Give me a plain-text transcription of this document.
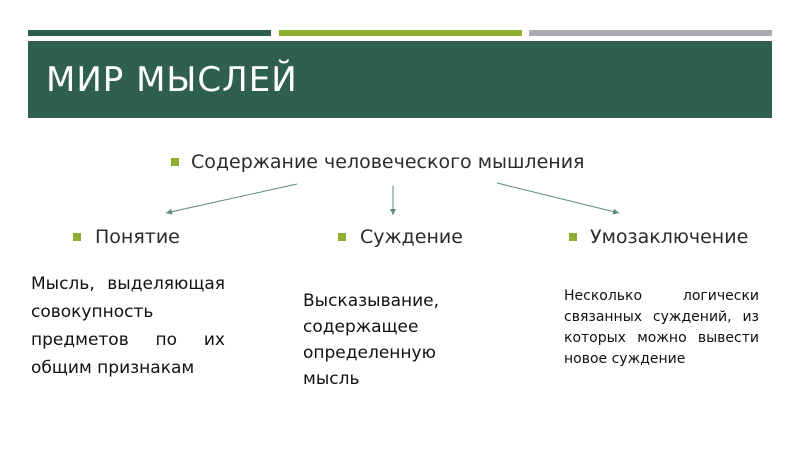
МИР МЫСЛЕЙ
Содержание человеческого мышления
Понятие
Мысль, выделяющая совокупность предметов по их общим признакам
Суждение
Высказывание, содержащее определенную мысль
Умозаключение
Несколько логически связанных суждений, из которых можно вывести новое суждение
